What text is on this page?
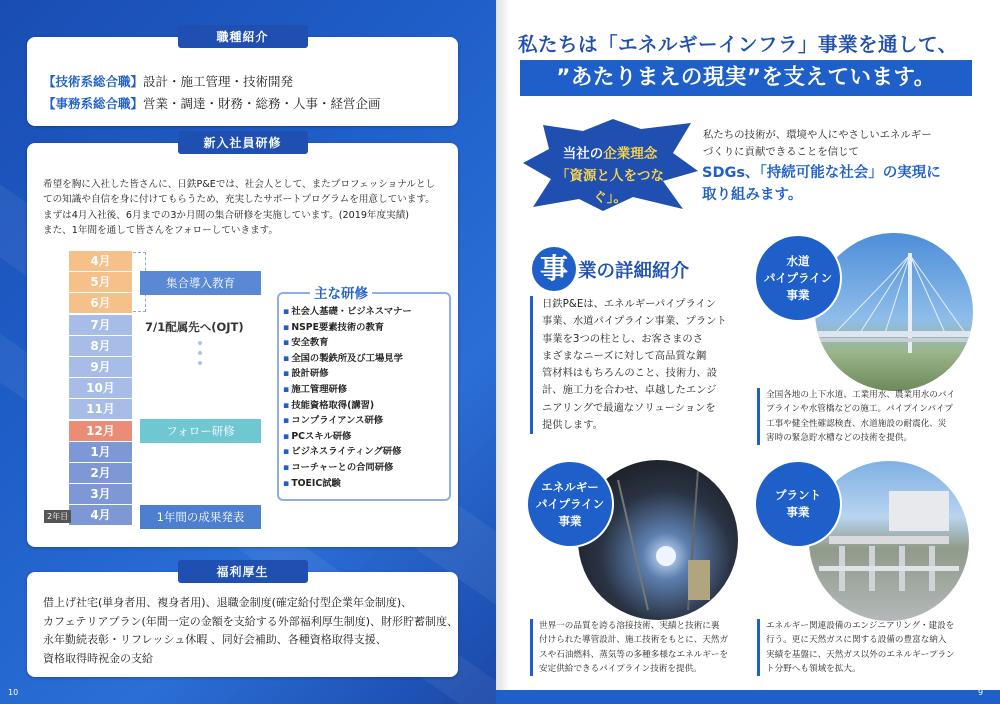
職種紹介

【技術系総合職】設計・施工管理・技術開発

【事務系総合職】営業・調達・財務・総務・人事・経営企画

新入社員研修
希望を胸に入社した皆さんに、日鉄P&Eでは、社会人として、またプロフェッショナルとし
ての知識や自信を身に付けてもらうため、充実したサポートプログラムを用意しています。
まずは4月入社後、6月までの3か月間の集合研修を実施しています。(2019年度実績)
また、1年間を通して皆さんをフォローしていきます。
4月
5月
6月
7月
8月
9月
10月
11月
12月
1月
2月
3月
4月
2年目
集合導入教育
7/1配属先へ(OJT)
フォロー研修
1年間の成果発表
主な研修
▪ 社会人基礎・ビジネスマナー
▪ NSPE要素技術の教育
▪ 安全教育
▪ 全国の製鉄所及び工場見学
▪ 設計研修
▪ 施工管理研修
▪ 技能資格取得(講習)
▪ コンプライアンス研修
▪ PCスキル研修
▪ ビジネスライティング研修
▪ コーチャーとの合同研修
▪ TOEIC試験
福利厚生
借上げ社宅(単身者用、複身者用)、退職金制度(確定給付型企業年金制度)、
カフェテリアプラン(年間一定の金額を支給する外部福利厚生制度)、財形貯蓄制度、
永年勤続表彰・リフレッシュ休暇 、同好会補助、各種資格取得支援、
資格取得時祝金の支給
10	9
私たちは「エネルギーインフラ」事業を通して、
”あたりまえの現実”を支えています。
当社の企業理念
「資源と人をつなぐ」。
私たちの技術が、環境や人にやさしいエネルギー
づくりに貢献できることを信じて
SDGs、「持続可能な社会」の実現に
取り組みます。
事 業の詳細紹介
日鉄P&Eは、エネルギーパイプライン
事業、水道パイプライン事業、プラント
事業を3つの柱とし、お客さまのさ
まざまなニーズに対して高品質な鋼
管材料はもちろんのこと、技術力、設
計、施工力を合わせ、卓越したエンジ
ニアリングで最適なソリューションを
提供します。
水道
パイプライン
事業
全国各地の上下水道、工業用水、農業用水のパイ
プラインや水管橋などの施工。パイプインパイプ
工事や健全性確認検査、水道施設の耐震化、災
害時の緊急貯水槽などの技術を提供。
エネルギー
パイプライン
事業
世界一の品質を誇る溶接技術、実績と技術に裏
付けられた導管設計、施工技術をもとに、天然ガ
スや石油燃料、蒸気等の多種多様なエネルギーを
安定供給できるパイプライン技術を提供。
プラント
事業
エネルギー関連設備のエンジニアリング・建設を
行う。更に天然ガスに関する設備の豊富な納入
実績を基盤に、天然ガス以外のエネルギープラン
ト分野へも領域を拡大。
